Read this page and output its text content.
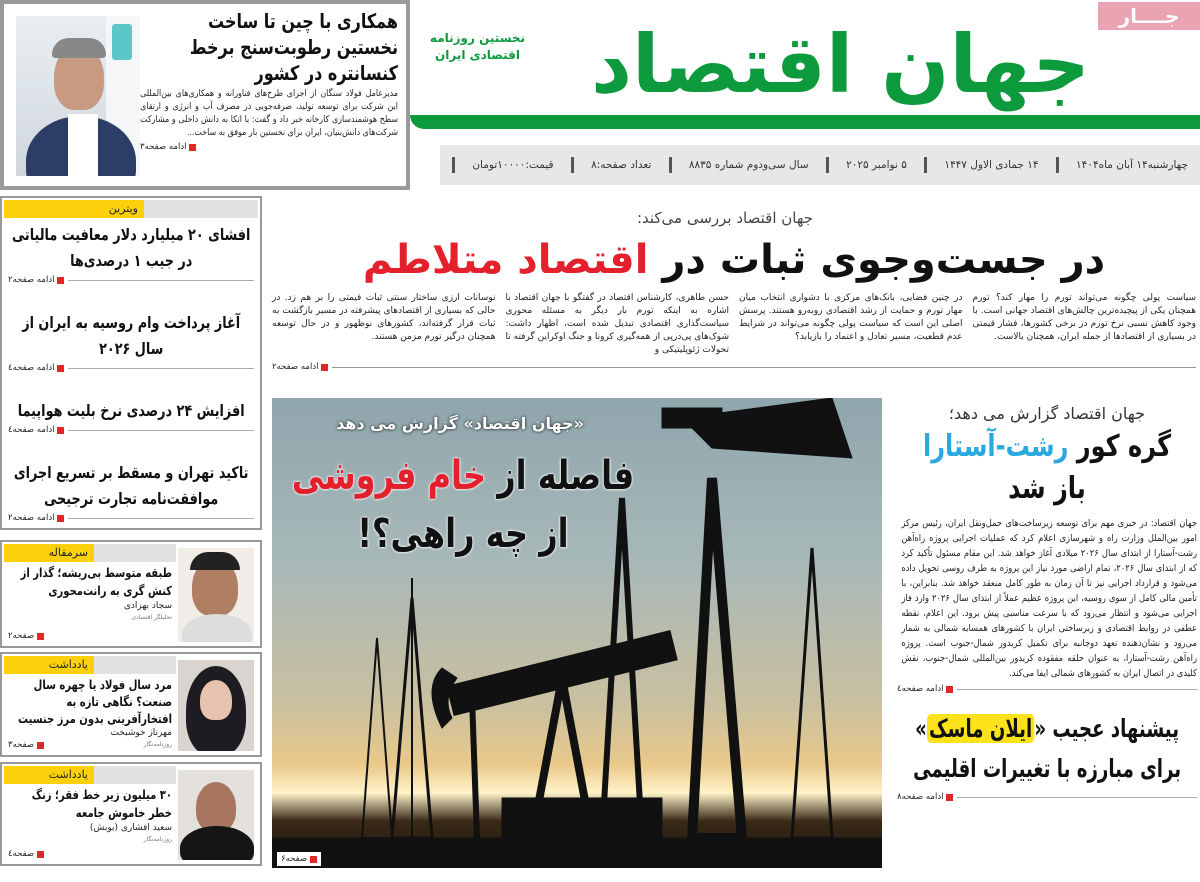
همکاری با چین تا ساخت نخستین رطوبت‌سنج برخط کنسانتره در کشور
مدیرعامل فولاد سنگان از اجرای طرح‌های فناورانه و همکاری‌های بین‌المللی این شرکت برای توسعه تولید، صرفه‌جویی در مصرف آب و انرژی و ارتقای سطح هوشمندسازی کارخانه خبر داد و گفت: با اتکا به دانش داخلی و مشارکت شرکت‌های دانش‌بنیان، ایران برای نخستین بار موفق به ساخت...
ادامه صفحه۳
جهان اقتصاد
نخستین روزنامه
اقتصادی ایران
جــــار
چهارشنبه۱۴ آبان ماه۱۴۰۴
۱۴ جمادی الاول ۱۴۴۷
۵ نوامبر ۲۰۲۵
سال سی‌ودوم شماره ۸۸۳۵
تعداد صفحه:۸
قیمت:۱۰۰۰۰تومان
جهان اقتصاد بررسی می‌کند:
در جست‌وجوی ثبات در اقتصاد متلاطم
سیاست پولی چگونه می‌تواند تورم را مهار کند؟ تورم همچنان یکی از پیچیده‌ترین چالش‌های اقتصاد جهانی است. با وجود کاهش نسبی نرخ تورم در برخی کشورها، فشار قیمتی در بسیاری از اقتصادها از جمله ایران، همچنان بالاست.
در چنین فضایی، بانک‌های مرکزی با دشواری انتخاب میان مهار تورم و حمایت از رشد اقتصادی روبه‌رو هستند. پرسش اصلی این است که سیاست پولی چگونه می‌تواند در شرایط عدم قطعیت، مسیر تعادل و اعتماد را بازیابد؟
حسن طاهری، کارشناس اقتصاد در گفتگو با جهان اقتصاد با اشاره به اینکه تورم بار دیگر به مسئله محوری سیاست‌گذاری اقتصادی تبدیل شده است، اظهار داشت: شوک‌های پی‌درپی از همه‌گیری کرونا و جنگ اوکراین گرفته تا تحولات ژئوپلیتیکی و
نوسانات ارزی ساختار سنتی ثبات قیمتی را بر هم زد. در حالی که بسیاری از اقتصادهای پیشرفته در مسیر بازگشت به ثبات قرار گرفته‌اند، کشورهای نوظهور و در حال توسعه همچنان درگیر تورم مزمن هستند.
ادامه صفحه۲
ویترین
افشای ۲۰ میلیارد دلار معافیت مالیاتی در جیب ۱ درصدی‌ها
ادامه صفحه۲
آغاز پرداخت وام روسیه به ایران از سال ۲۰۲۶
ادامه صفحه٤
افزایش ۲۴ درصدی نرخ بلیت هواپیما
ادامه صفحه٤
تاکید تهران و مسقط بر تسریع اجرای موافقت‌نامه تجارت ترجیحی
ادامه صفحه۲
سرمقاله
طبقه متوسط بی‌ریشه؛ گذار از کنش گری به رانت‌محوری
سجاد بهزادی
تحلیلگر اقتصادی
صفحه۲
یادداشت
مرد سال فولاد یا چهره سال صنعت؟ نگاهی تازه به افتخارآفرینی بدون مرز جنسیت
مهرناز خوشبخت
روزنامه‌نگار
صفحه۳
یادداشت
۳۰ میلیون زیر خط فقر؛ زنگ خطر خاموش جامعه
سعید افشاری (بوبش)
روزنامه‌نگار
صفحه٤
«جهان اقتصاد» گزارش می دهد
فاصله از خام فروشی
از چه راهی؟!
صفحه۶
جهان اقتصاد گزارش می دهد؛
گره کور رشت-آستارا
باز شد
جهان اقتصاد: در خبری مهم برای توسعه زیرساخت‌های حمل‌ونقل ایران، رئیس مرکز امور بین‌الملل وزارت راه و شهرسازی اعلام کرد که عملیات اجرایی پروژه راه‌آهن رشت-آستارا از ابتدای سال ۲۰۲۶ میلادی آغاز خواهد شد. این مقام مسئول تأکید کرد که از ابتدای سال ۲۰۲۶، تمام اراضی مورد نیاز این پروژه به طرف روسی تحویل داده می‌شود و قرارداد اجرایی نیز تا آن زمان به طور کامل منعقد خواهد شد. بنابراین، با تأمین مالی کامل از سوی روسیه، این پروژه عظیم عملاً از ابتدای سال ۲۰۲۶ وارد فاز اجرایی می‌شود و انتظار می‌رود که با سرعت مناسبی پیش برود. این اعلام، نقطه عطفی در روابط اقتصادی و زیرساختی ایران با کشورهای همسایه شمالی به شمار می‌رود و نشان‌دهنده تعهد دوجانبه برای تکمیل کریدور شمال-جنوب است. پروژه راه‌آهن رشت-آستارا، به عنوان حلقه مفقوده کریدور بین‌المللی شمال-جنوب، نقش کلیدی در اتصال ایران به کشورهای شمالی ایفا می‌کند.
ادامه صفحه٤
پیشنهاد عجیب «ایلان ماسک»
برای مبارزه با تغییرات اقلیمی
ادامه صفحه۸
